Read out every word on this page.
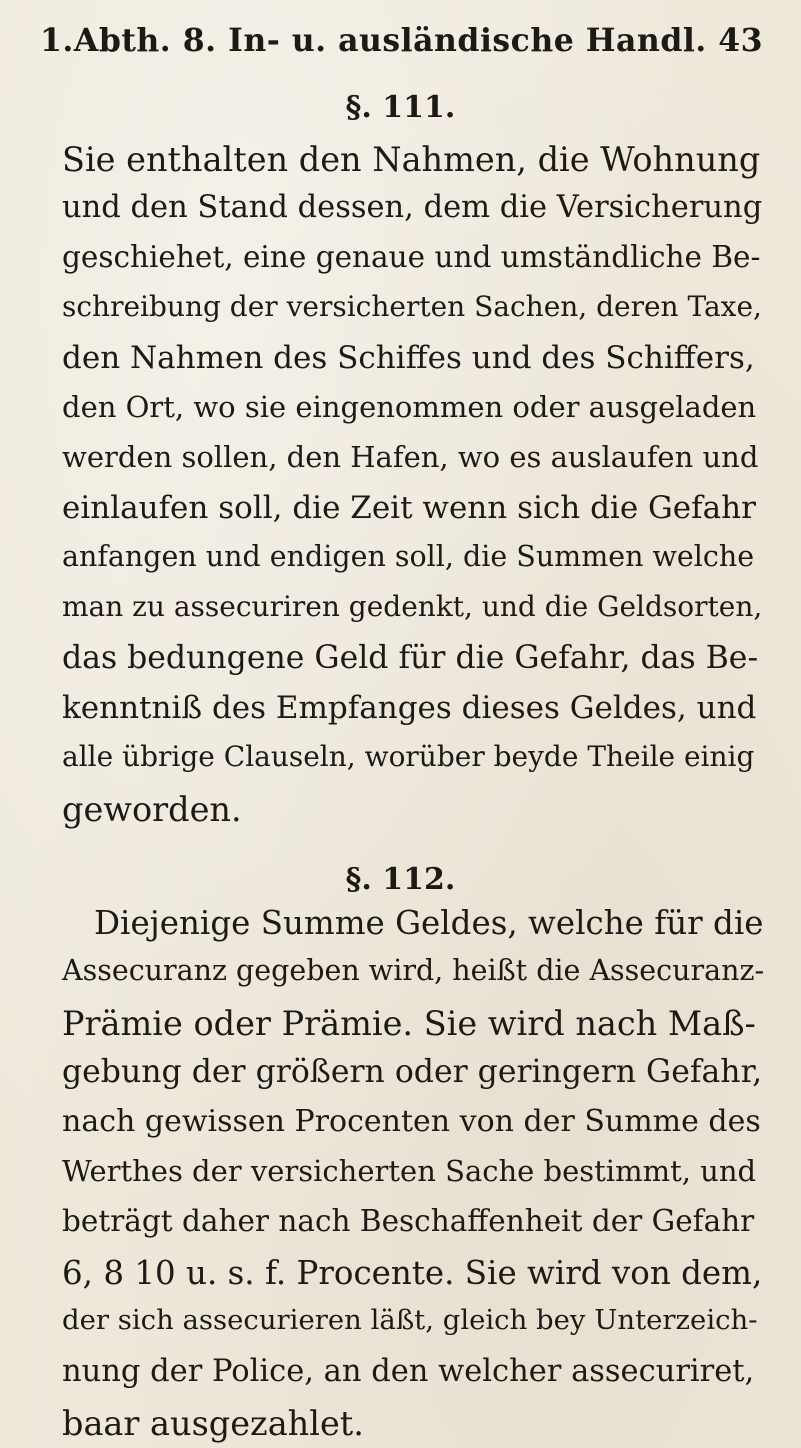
1.Abth. 8. In- u. ausländische Handl. 43
§. 111.
Sie enthalten den Nahmen, die Wohnung
und den Stand dessen, dem die Versicherung
geschiehet, eine genaue und umständliche Be-
schreibung der versicherten Sachen, deren Taxe,
den Nahmen des Schiffes und des Schiffers,
den Ort, wo sie eingenommen oder ausgeladen
werden sollen, den Hafen, wo es auslaufen und
einlaufen soll, die Zeit wenn sich die Gefahr
anfangen und endigen soll, die Summen welche
man zu assecuriren gedenkt, und die Geldsorten,
das bedungene Geld für die Gefahr, das Be-
kenntniß des Empfanges dieses Geldes, und
alle übrige Clauseln, worüber beyde Theile einig
geworden.
§. 112.
Diejenige Summe Geldes, welche für die
Assecuranz gegeben wird, heißt die Assecuranz-
Prämie oder Prämie. Sie wird nach Maß-
gebung der größern oder geringern Gefahr,
nach gewissen Procenten von der Summe des
Werthes der versicherten Sache bestimmt, und
beträgt daher nach Beschaffenheit der Gefahr
6, 8 10 u. s. f. Procente. Sie wird von dem,
der sich assecurieren läßt, gleich bey Unterzeich-
nung der Police, an den welcher assecuriret,
baar ausgezahlet.
